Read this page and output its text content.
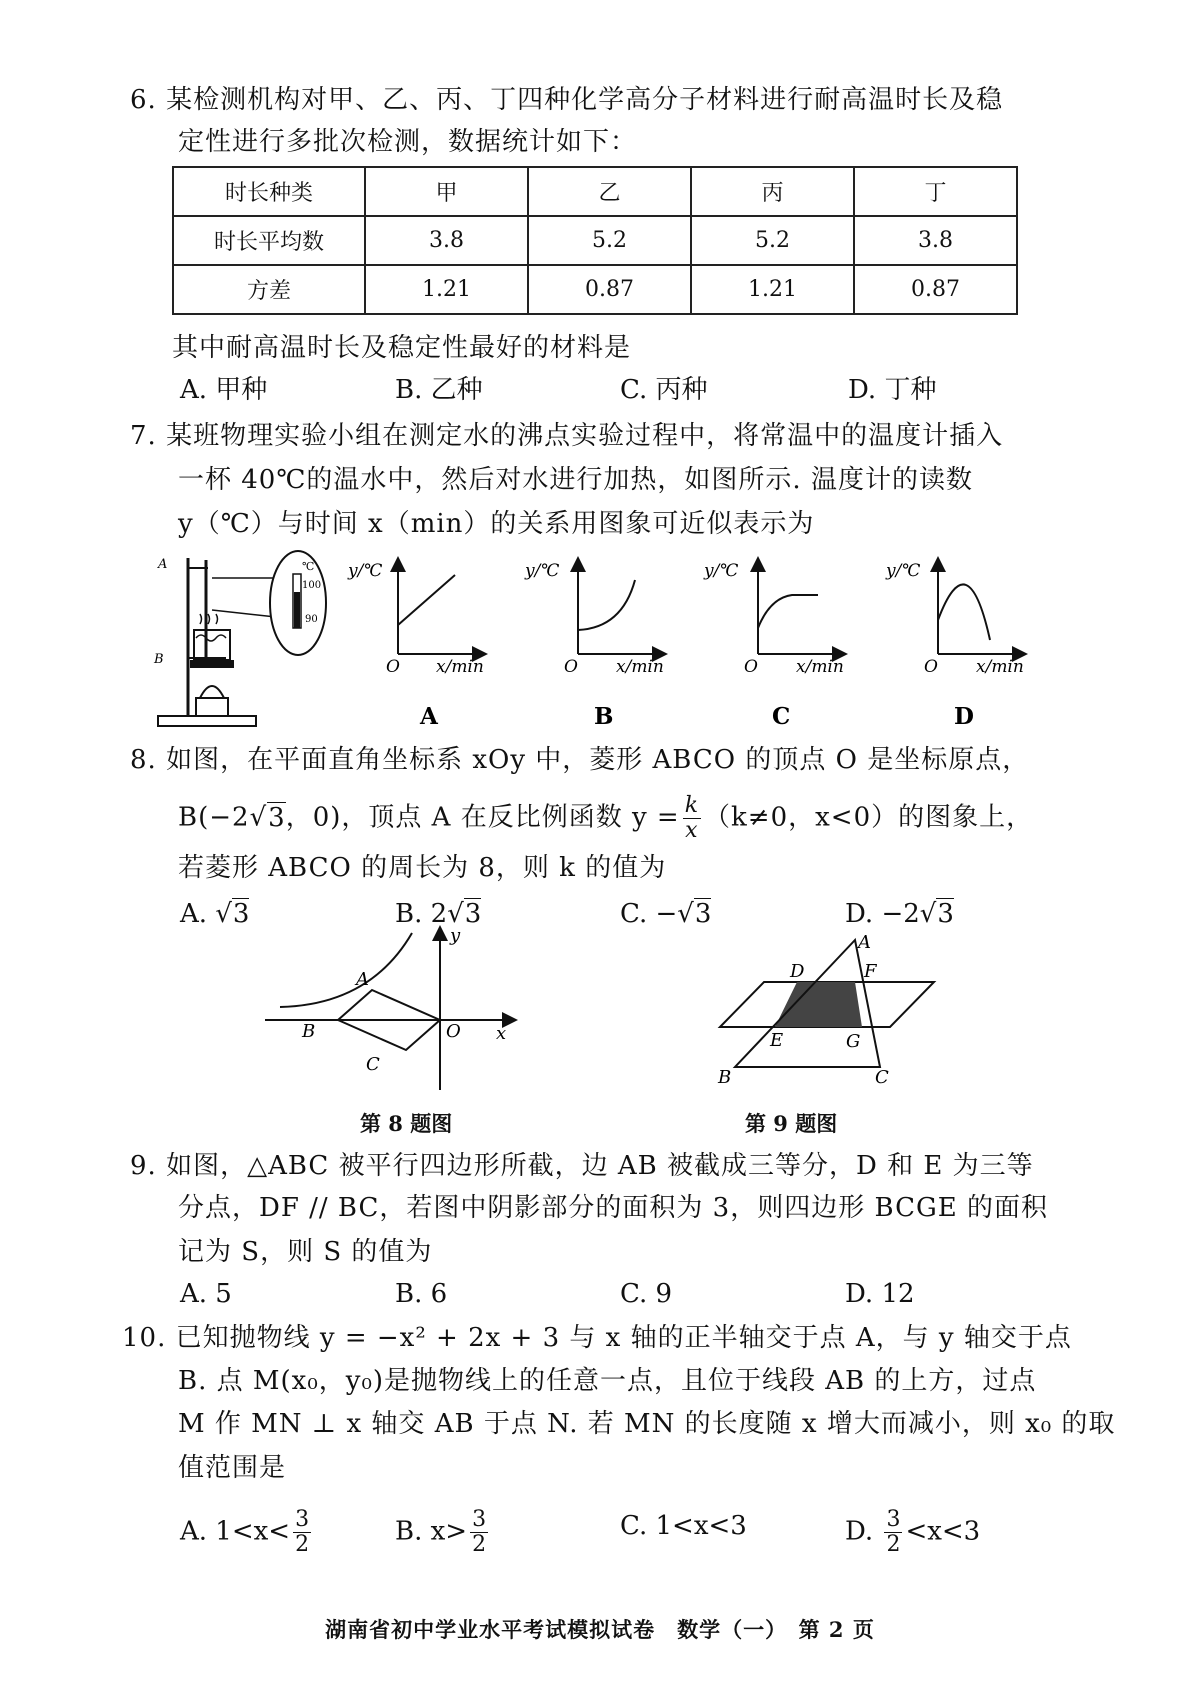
6. 某检测机构对甲、乙、丙、丁四种化学高分子材料进行耐高温时长及稳
定性进行多批次检测，数据统计如下：
时长种类	甲	乙	丙	丁
时长平均数	3.8	5.2	5.2	3.8
方差	1.21	0.87	1.21	0.87
其中耐高温时长及稳定性最好的材料是
A. 甲种	B. 乙种	C. 丙种	D. 丁种
7. 某班物理实验小组在测定水的沸点实验过程中，将常温中的温度计插入
一杯 40℃的温水中，然后对水进行加热，如图所示. 温度计的读数
y（℃）与时间 x（min）的关系用图象可近似表示为
A
B
℃
100
90
y/℃
O x/min
A
y/℃
O x/min
B
y/℃
O x/min
C
y/℃
O x/min
D
8. 如图，在平面直角坐标系 xOy 中，菱形 ABCO 的顶点 O 是坐标原点，
B(−2√3，0)，顶点 A 在反比例函数 $y = \frac{k}{x} (k\ne 0$，x<0）的图象上，
若菱形 ABCO 的周长为 8，则 k 的值为
A. √3	B. 2√3	C. −√3	D. −2√3
A
B
C
O x
y
第 8 题图
A
B	C
D
E
F
G
第 9 题图
9. 如图，△ABC 被平行四边形所截，边 AB 被截成三等分，D 和 E 为三等
分点，DF // BC，若图中阴影部分的面积为 3，则四边形 BCGE 的面积
记为 S，则 S 的值为
A. 5	B. 6	C. 9	D. 12
10. 已知抛物线 y = −x² + 2x + 3 与 x 轴的正半轴交于点 A，与 y 轴交于点
B. 点 M(x₀，y₀)是抛物线上的任意一点，且位于线段 AB 的上方，过点
M 作 MN ⊥ x 轴交 AB 于点 N. 若 MN 的长度随 x 增大而减小，则 x₀ 的取
值范围是
A. $1<x< \frac{3}{2}$	B. $x> \frac{3}{2}$	C. 1<x<3	D. $\frac{3}{2} <x<3$
湖南省初中学业水平考试模拟试卷　数学（一）　第 2 页
